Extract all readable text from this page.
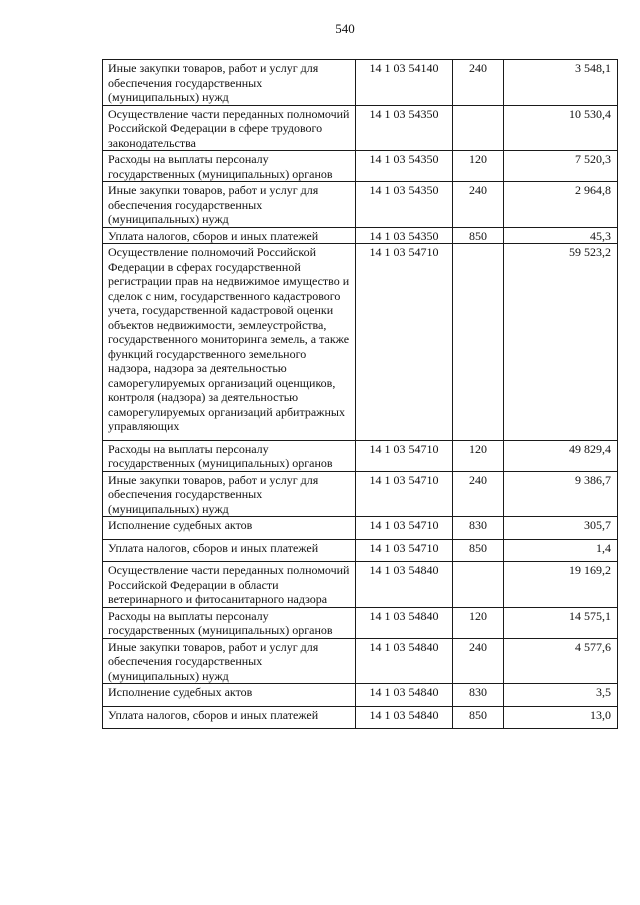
540
Иные закупки товаров, работ и услуг для обеспечения государственных (муниципальных) нужд	14 1 03 54140	240	3 548,1
Осуществление части переданных полномочий Российской Федерации в сфере трудового законодательства	14 1 03 54350		10 530,4
Расходы на выплаты персоналу государственных (муниципальных) органов	14 1 03 54350	120	7 520,3
Иные закупки товаров, работ и услуг для обеспечения государственных (муниципальных) нужд	14 1 03 54350	240	2 964,8
Уплата налогов, сборов и иных платежей	14 1 03 54350	850	45,3
Осуществление полномочий Российской Федерации в сферах государственной регистрации прав на недвижимое имущество и сделок с ним, государственного кадастрового учета, государственной кадастровой оценки объектов недвижимости, землеустройства, государственного мониторинга земель, а также функций государственного земельного надзора, надзора за деятельностью саморегулируемых организаций оценщиков, контроля (надзора) за деятельностью саморегулируемых организаций арбитражных управляющих	14 1 03 54710		59 523,2
Расходы на выплаты персоналу государственных (муниципальных) органов	14 1 03 54710	120	49 829,4
Иные закупки товаров, работ и услуг для обеспечения государственных (муниципальных) нужд	14 1 03 54710	240	9 386,7
Исполнение судебных актов	14 1 03 54710	830	305,7
Уплата налогов, сборов и иных платежей	14 1 03 54710	850	1,4
Осуществление части переданных полномочий Российской Федерации в области ветеринарного и фитосанитарного надзора	14 1 03 54840		19 169,2
Расходы на выплаты персоналу государственных (муниципальных) органов	14 1 03 54840	120	14 575,1
Иные закупки товаров, работ и услуг для обеспечения государственных (муниципальных) нужд	14 1 03 54840	240	4 577,6
Исполнение судебных актов	14 1 03 54840	830	3,5
Уплата налогов, сборов и иных платежей	14 1 03 54840	850	13,0
